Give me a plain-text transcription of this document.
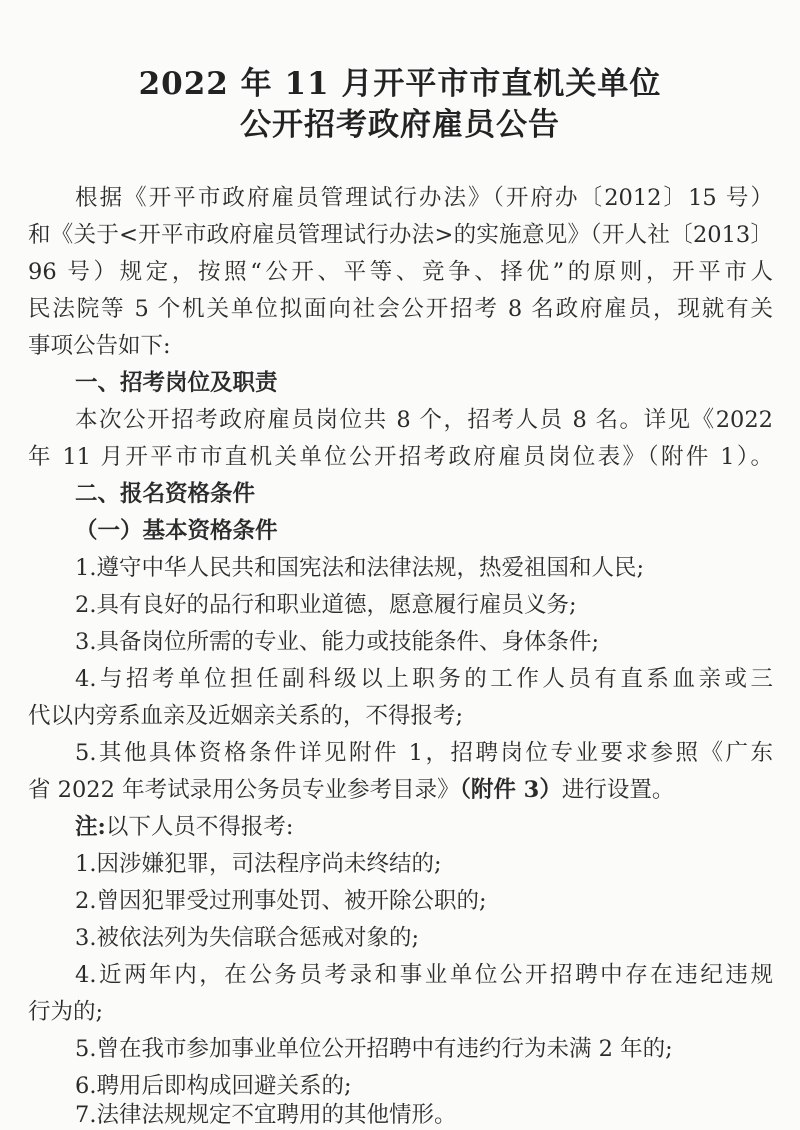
2022 年 11 月开平市市直机关单位
公开招考政府雇员公告
根据《开平市政府雇员管理试行办法》（开府办〔2012〕15 号）
和《关于<开平市政府雇员管理试行办法>的实施意见》（开人社〔2013〕
96 号）规定，按照“公开、平等、竞争、择优”的原则，开平市人
民法院等 5 个机关单位拟面向社会公开招考 8 名政府雇员，现就有关
事项公告如下:
一、招考岗位及职责
本次公开招考政府雇员岗位共 8 个，招考人员 8 名。详见《2022
年 11 月开平市市直机关单位公开招考政府雇员岗位表》（附件 1）。
二、报名资格条件
（一）基本资格条件
1.遵守中华人民共和国宪法和法律法规，热爱祖国和人民;
2.具有良好的品行和职业道德，愿意履行雇员义务;
3.具备岗位所需的专业、能力或技能条件、身体条件;
4.与招考单位担任副科级以上职务的工作人员有直系血亲或三
代以内旁系血亲及近姻亲关系的，不得报考;
5.其他具体资格条件详见附件 1，招聘岗位专业要求参照《广东
省 2022 年考试录用公务员专业参考目录》（附件 3）进行设置。
注:以下人员不得报考:
1.因涉嫌犯罪，司法程序尚未终结的;
2.曾因犯罪受过刑事处罚、被开除公职的;
3.被依法列为失信联合惩戒对象的;
4.近两年内，在公务员考录和事业单位公开招聘中存在违纪违规
行为的;
5.曾在我市参加事业单位公开招聘中有违约行为未满 2 年的;
6.聘用后即构成回避关系的;
7.法律法规规定不宜聘用的其他情形。
